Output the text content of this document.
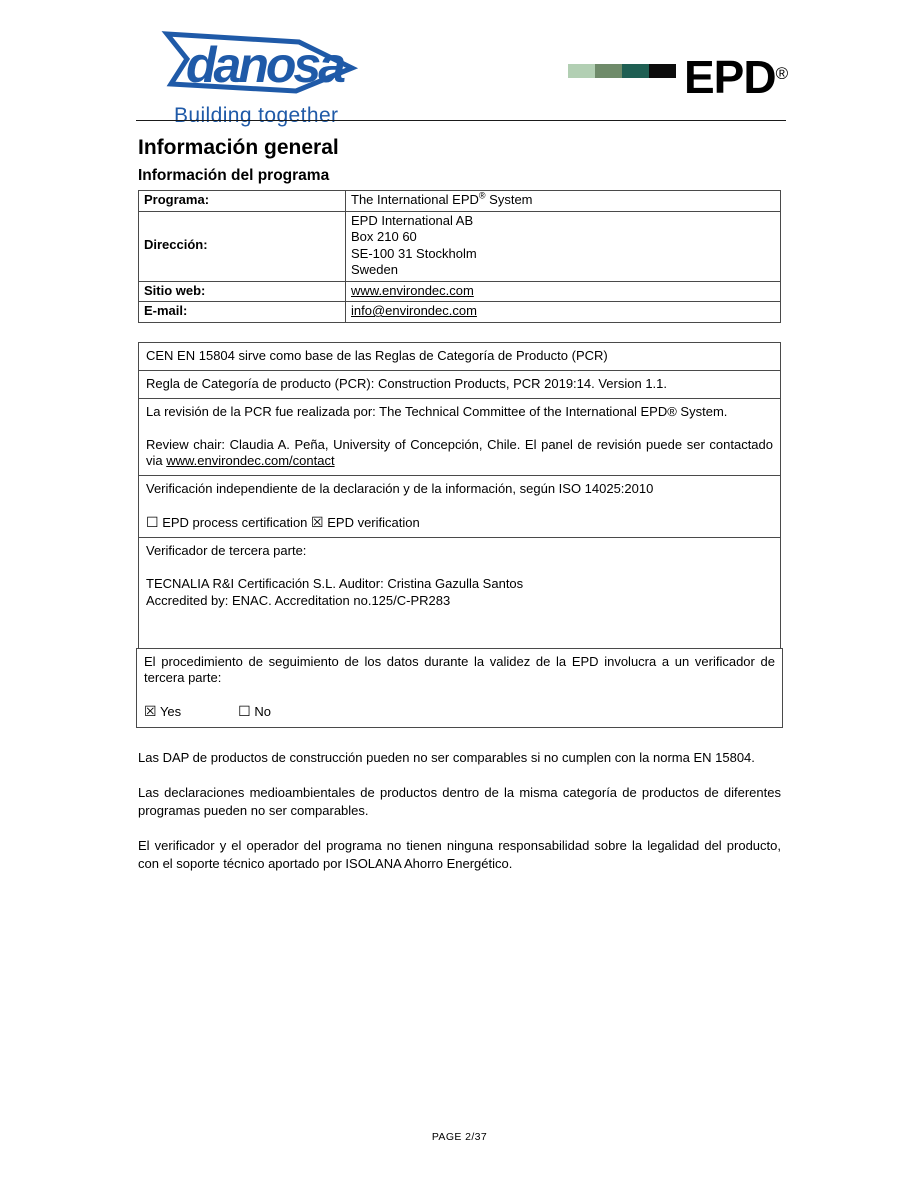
danosa
Building together
EPD®
Información general
Información del programa
Programa:	The International EPD® System
Dirección:	EPD International AB
Box 210 60
SE-100 31 Stockholm
Sweden

Sitio web:	www.environdec.com
E-mail:	info@environdec.com

CEN EN 15804 sirve como base de las Reglas de Categoría de Producto (PCR)

Regla de Categoría de producto (PCR): Construction Products, PCR 2019:14. Version 1.1.

La revisión de la PCR fue realizada por: The Technical Committee of the International EPD® System.

Review chair: Claudia A. Peña, University of Concepción, Chile. El panel de revisión puede ser contactado via www.environdec.com/contact

Verificación independiente de la declaración y de la información, según ISO 14025:2010

☐ EPD process certification ☒ EPD verification

Verificador de tercera parte:

TECNALIA R&I Certificación S.L. Auditor: Cristina Gazulla Santos
Accredited by: ENAC. Accreditation no.125/C-PR283

El procedimiento de seguimiento de los datos durante la validez de la EPD involucra a un verificador de tercera parte:

☒ Yes	☐ No

Las DAP de productos de construcción pueden no ser comparables si no cumplen con la norma EN 15804.

Las declaraciones medioambientales de productos dentro de la misma categoría de productos de diferentes programas pueden no ser comparables.

El verificador y el operador del programa no tienen ninguna responsabilidad sobre la legalidad del producto, con el soporte técnico aportado por ISOLANA Ahorro Energético.

PAGE 2/37
